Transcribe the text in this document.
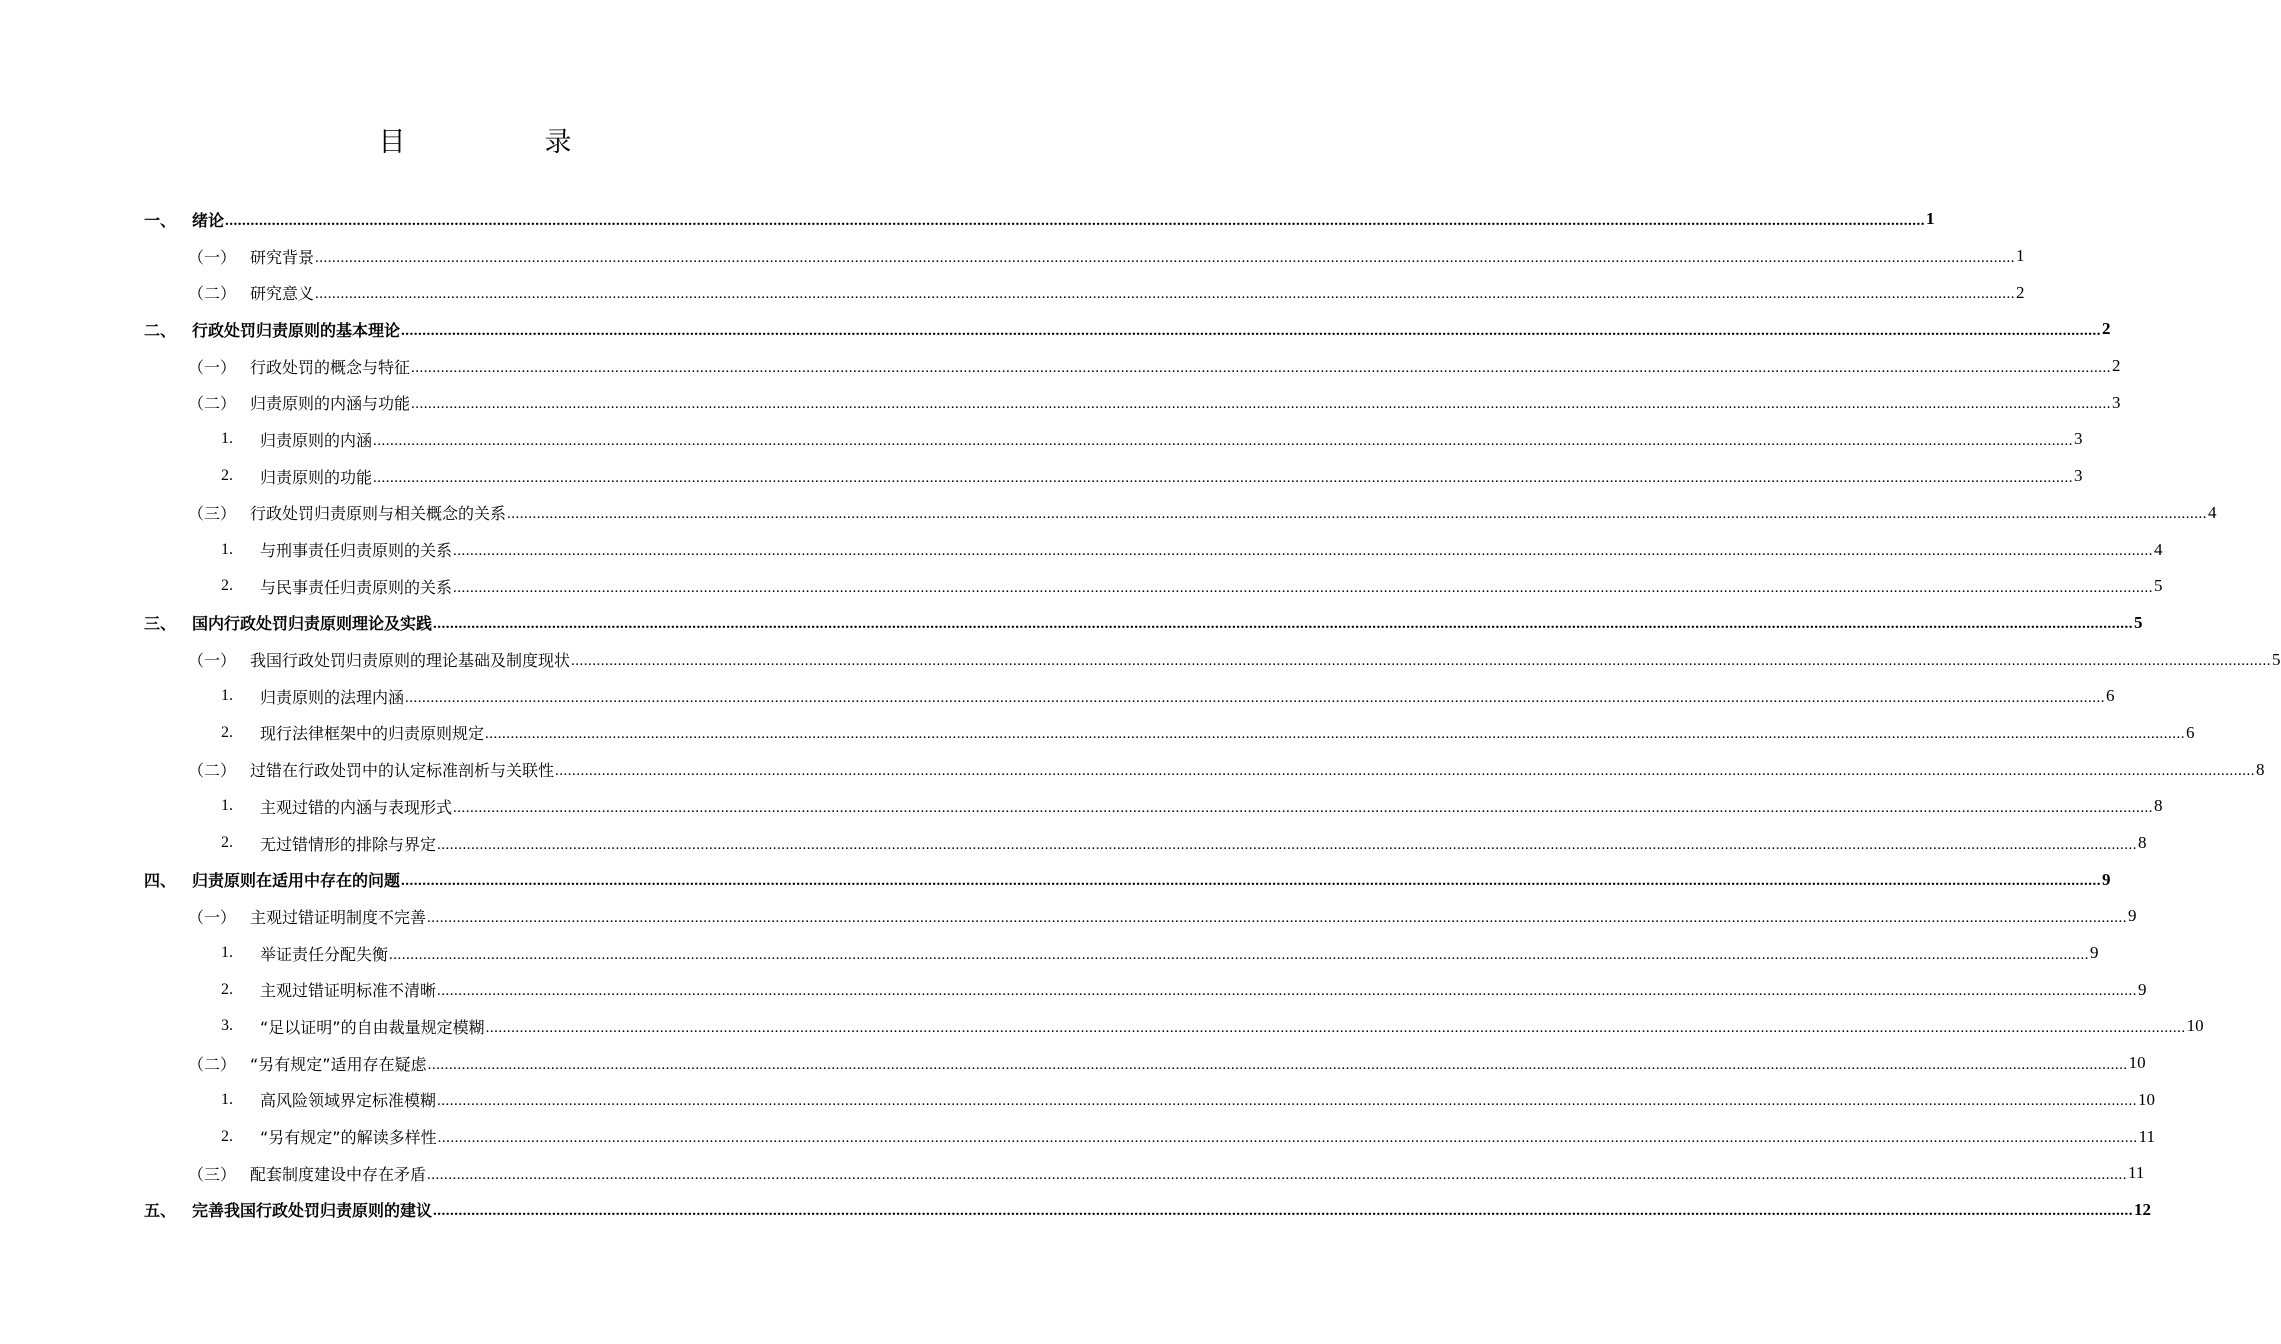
目　录
一、 绪论 ................................................................................................................................................................................................................................................................................................................................................................................................................ 1
（一） 研究背景 ................................................................................................................................................................................................................................................................................................................................................................................................................ 1
（二） 研究意义 ................................................................................................................................................................................................................................................................................................................................................................................................................ 2
二、 行政处罚归责原则的基本理论 ................................................................................................................................................................................................................................................................................................................................................................................................................ 2
（一） 行政处罚的概念与特征 ................................................................................................................................................................................................................................................................................................................................................................................................................ 2
（二） 归责原则的内涵与功能 ................................................................................................................................................................................................................................................................................................................................................................................................................ 3
1.	归责原则的内涵 ................................................................................................................................................................................................................................................................................................................................................................................................................ 3
2.	归责原则的功能 ................................................................................................................................................................................................................................................................................................................................................................................................................ 3
（三） 行政处罚归责原则与相关概念的关系 ................................................................................................................................................................................................................................................................................................................................................................................................................ 4
1.	与刑事责任归责原则的关系 ................................................................................................................................................................................................................................................................................................................................................................................................................ 4
2.	与民事责任归责原则的关系 ................................................................................................................................................................................................................................................................................................................................................................................................................ 5
三、 国内行政处罚归责原则理论及实践 ................................................................................................................................................................................................................................................................................................................................................................................................................ 5
（一） 我国行政处罚归责原则的理论基础及制度现状 ................................................................................................................................................................................................................................................................................................................................................................................................................ 5
1.	归责原则的法理内涵 ................................................................................................................................................................................................................................................................................................................................................................................................................ 6
2.	现行法律框架中的归责原则规定 ................................................................................................................................................................................................................................................................................................................................................................................................................ 6
（二） 过错在行政处罚中的认定标准剖析与关联性 ................................................................................................................................................................................................................................................................................................................................................................................................................ 8
1.	主观过错的内涵与表现形式 ................................................................................................................................................................................................................................................................................................................................................................................................................ 8
2.	无过错情形的排除与界定 ................................................................................................................................................................................................................................................................................................................................................................................................................ 8
四、 归责原则在适用中存在的问题 ................................................................................................................................................................................................................................................................................................................................................................................................................ 9
（一） 主观过错证明制度不完善 ................................................................................................................................................................................................................................................................................................................................................................................................................ 9
1.	举证责任分配失衡 ................................................................................................................................................................................................................................................................................................................................................................................................................ 9
2.	主观过错证明标准不清晰 ................................................................................................................................................................................................................................................................................................................................................................................................................ 9
3.	“足以证明”的自由裁量规定模糊 ................................................................................................................................................................................................................................................................................................................................................................................................................ 10
（二） “另有规定”适用存在疑虑 ................................................................................................................................................................................................................................................................................................................................................................................................................ 10
1.	高风险领域界定标准模糊 ................................................................................................................................................................................................................................................................................................................................................................................................................ 10
2.	“另有规定”的解读多样性 ................................................................................................................................................................................................................................................................................................................................................................................................................ 11
（三） 配套制度建设中存在矛盾 ................................................................................................................................................................................................................................................................................................................................................................................................................ 11
五、 完善我国行政处罚归责原则的建议 ................................................................................................................................................................................................................................................................................................................................................................................................................ 12
